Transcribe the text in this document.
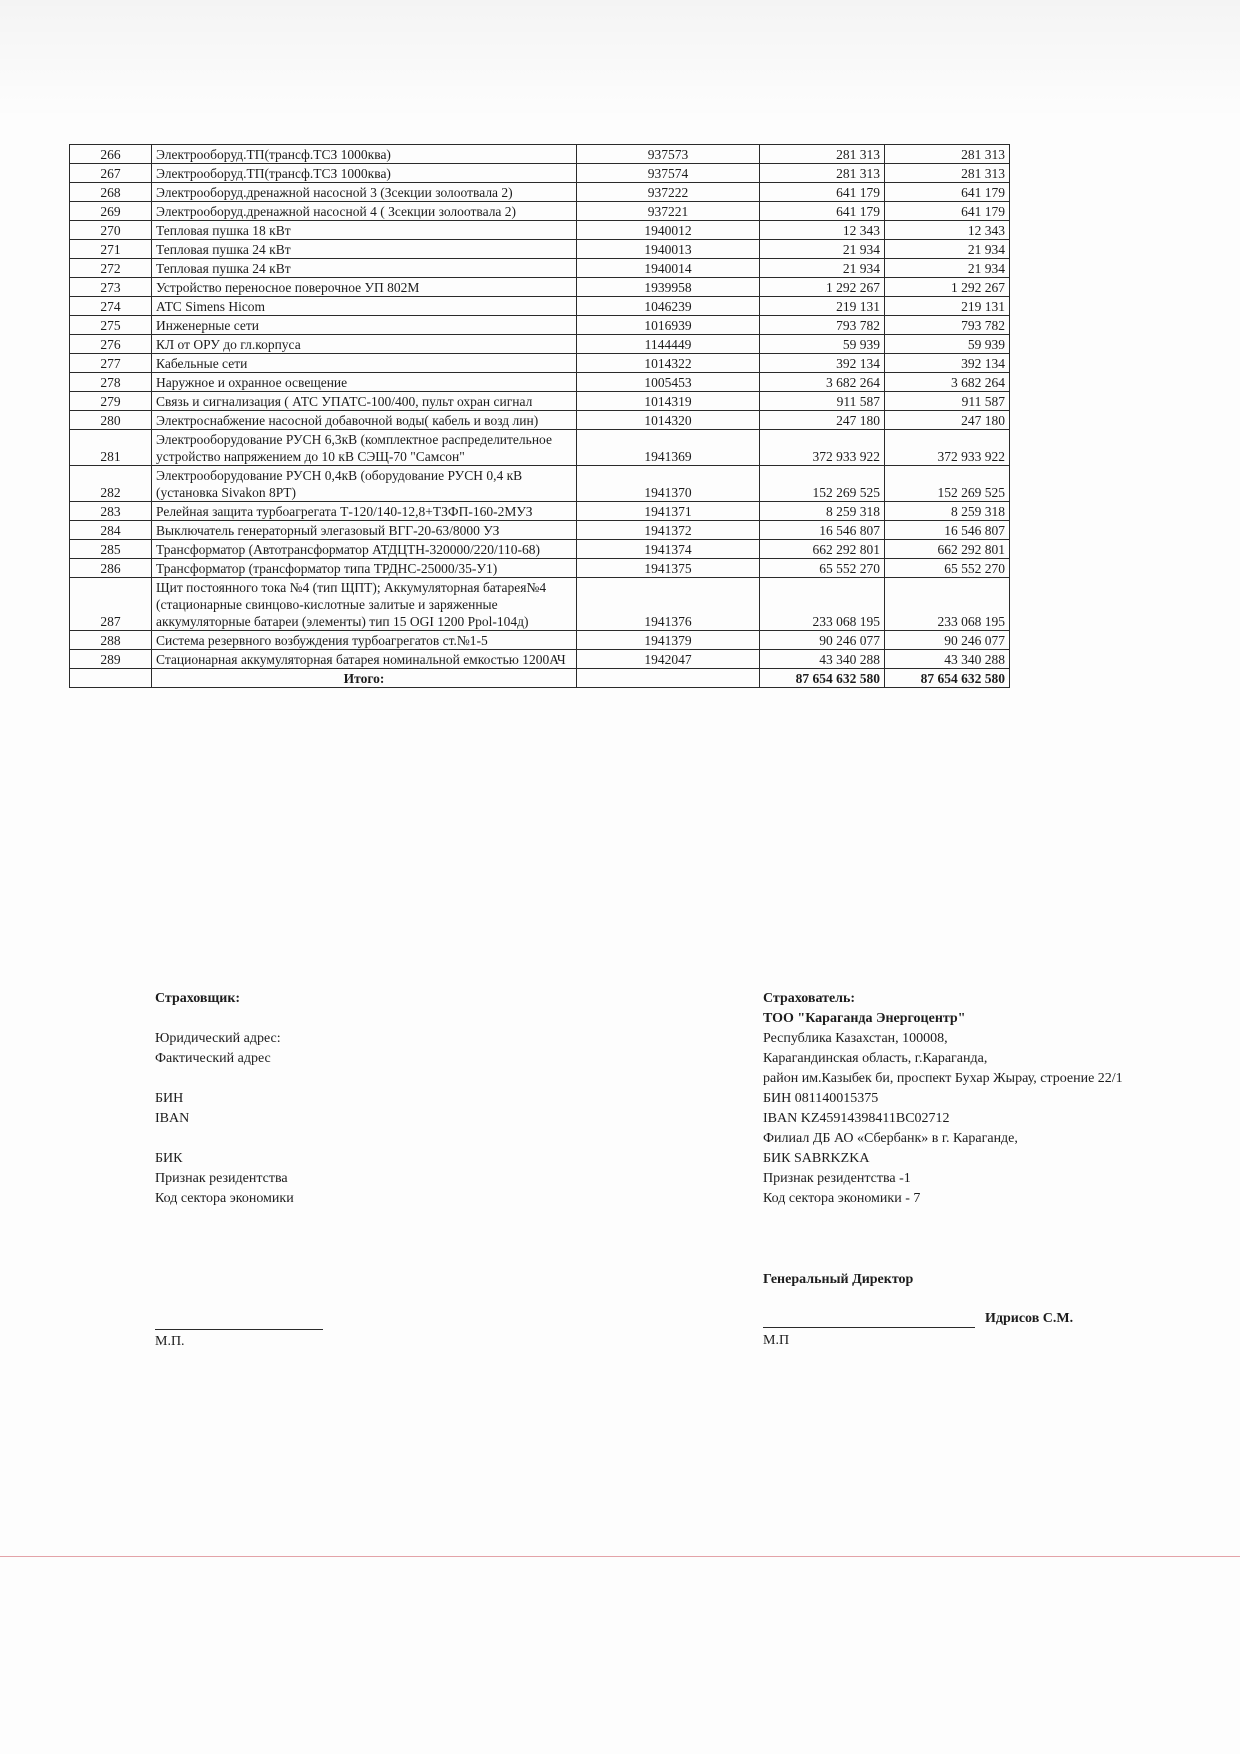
266	Электрооборуд.ТП(трансф.ТСЗ 1000ква)	937573	281 313	281 313
267	Электрооборуд.ТП(трансф.ТСЗ 1000ква)	937574	281 313	281 313
268	Электрооборуд.дренажной насосной 3 (Зсекции золоотвала 2)	937222	641 179	641 179
269	Электрооборуд.дренажной насосной 4 ( Зсекции золоотвала 2)	937221	641 179	641 179
270	Тепловая пушка 18 кВт	1940012	12 343	12 343
271	Тепловая пушка 24 кВт	1940013	21 934	21 934
272	Тепловая пушка 24 кВт	1940014	21 934	21 934
273	Устройство переносное поверочное УП 802М	1939958	1 292 267	1 292 267
274	АТС Simens Hicom	1046239	219 131	219 131
275	Инженерные сети	1016939	793 782	793 782
276	КЛ от ОРУ до гл.корпуса	1144449	59 939	59 939
277	Кабельные сети	1014322	392 134	392 134
278	Наружное и охранное освещение	1005453	3 682 264	3 682 264
279	Связь и сигнализация ( АТС УПАТС-100/400, пульт охран сигнал	1014319	911 587	911 587
280	Электроснабжение насосной добавочной воды( кабель и возд лин)	1014320	247 180	247 180
281	Электрооборудование РУСН 6,3кВ (комплектное распределительное устройство напряжением до 10 кВ СЭЩ-70 "Самсон"	1941369	372 933 922	372 933 922
282	Электрооборудование РУСН 0,4кВ (оборудование РУСН 0,4 кВ (установка Sivakon 8PT)	1941370	152 269 525	152 269 525
283	Релейная защита турбоагрегата Т-120/140-12,8+ТЗФП-160-2МУЗ	1941371	8 259 318	8 259 318
284	Выключатель генераторный элегазовый ВГГ-20-63/8000 УЗ	1941372	16 546 807	16 546 807
285	Трансформатор (Автотрансформатор АТДЦТН-320000/220/110-68)	1941374	662 292 801	662 292 801
286	Трансформатор (трансформатор типа ТРДНС-25000/35-У1)	1941375	65 552 270	65 552 270
287	Щит постоянного тока №4 (тип ЩПТ); Аккумуляторная батарея№4 (стационарные свинцово-кислотные залитые и заряженные аккумуляторные батареи (элементы) тип 15 OGI 1200 Ppol-104д)	1941376	233 068 195	233 068 195
288	Система резервного возбуждения турбоагрегатов ст.№1-5	1941379	90 246 077	90 246 077
289	Стационарная аккумуляторная батарея номинальной емкостью 1200АЧ	1942047	43 340 288	43 340 288
	Итого:		87 654 632 580	87 654 632 580
Страховщик:
Юридический адрес:
Фактический адрес
БИН
IBAN
БИК
Признак резидентства
Код сектора экономики
Страхователь:
ТОО "Караганда Энергоцентр"
Республика Казахстан, 100008,
Карагандинская область, г.Караганда,
район им.Казыбек би, проспект Бухар Жырау, строение 22/1
БИН 081140015375
IBAN KZ45914398411BC02712
Филиал ДБ АО «Сбербанк» в г. Караганде,
БИК SABRKZKA
Признак резидентства -1
Код сектора экономики - 7
Генеральный Директор
М.П.
Идрисов С.М.
М.П
